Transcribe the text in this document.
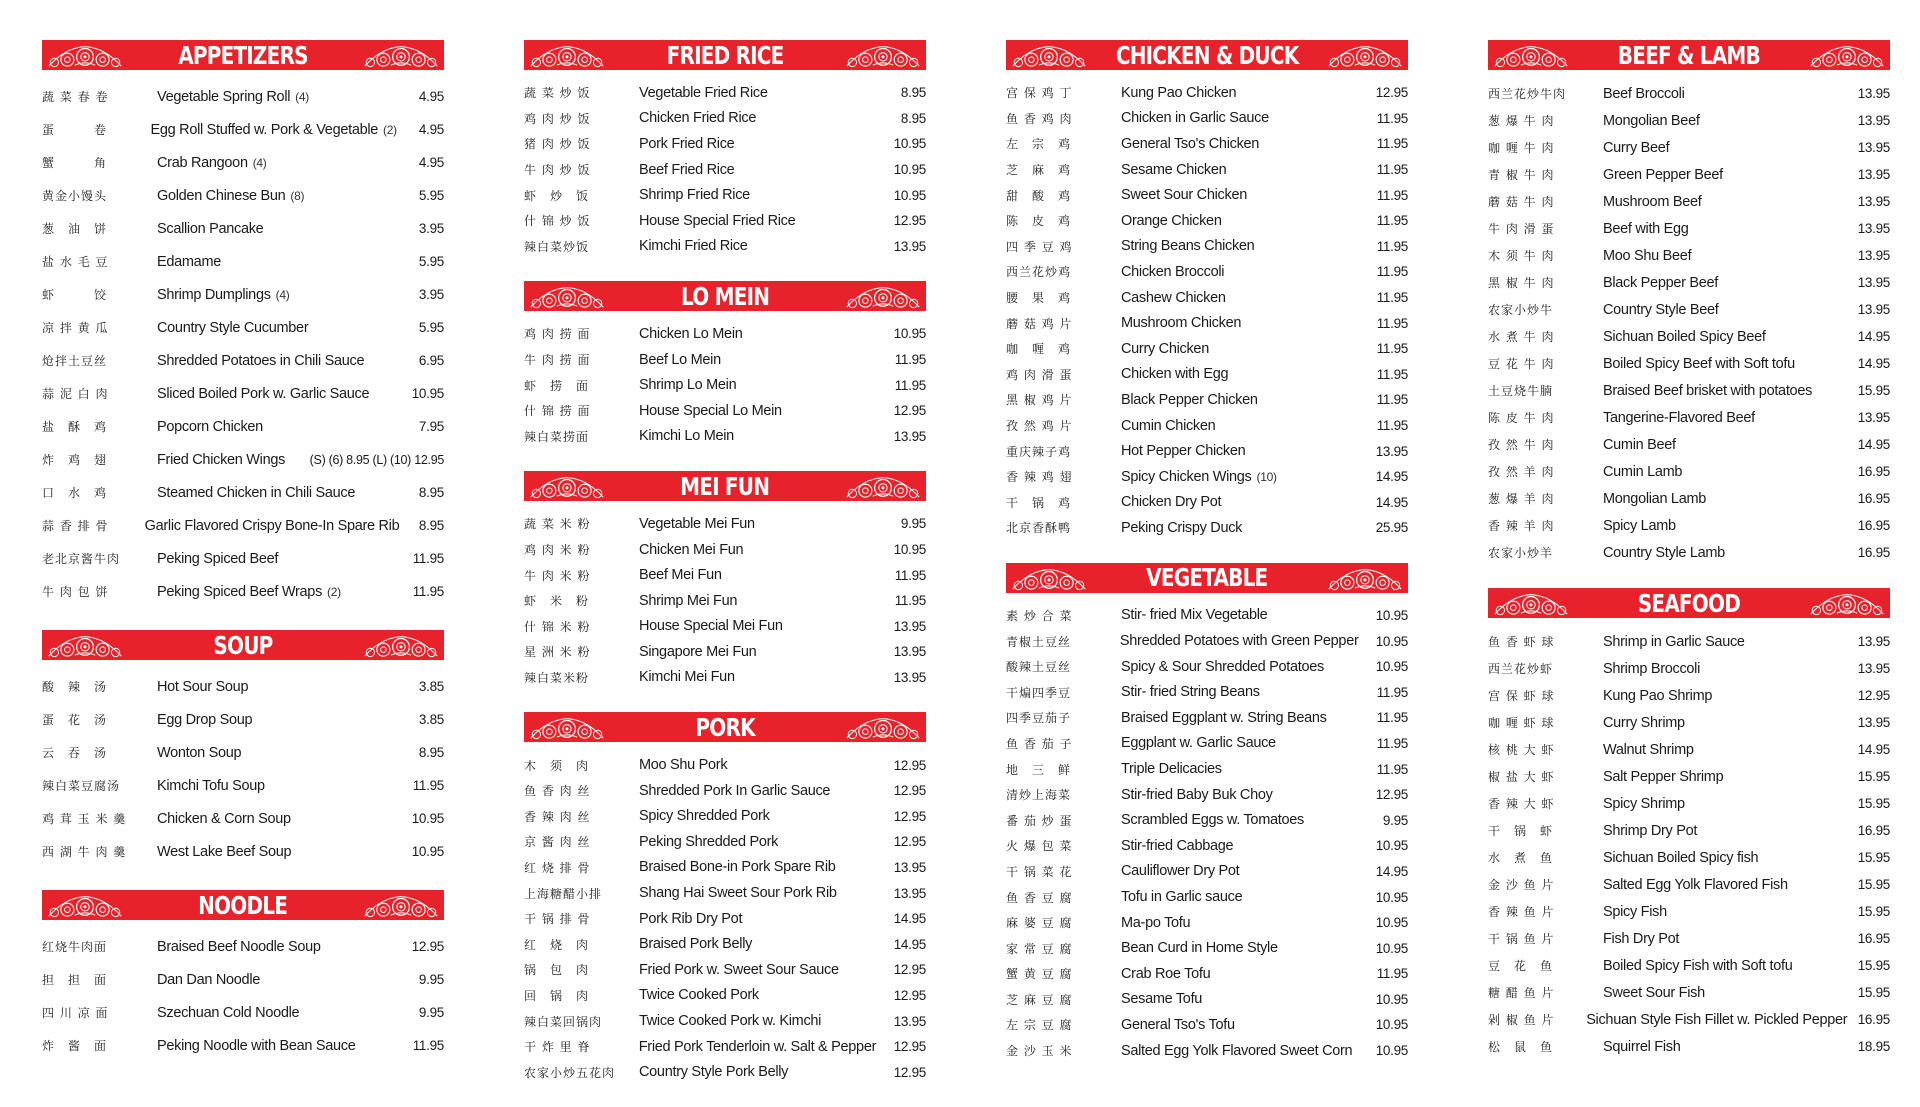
APPETIZERS
蔬 菜 春 卷	Vegetable Spring Roll (4)	4.95
蛋　　　卷	Egg Roll Stuffed w. Pork & Vegetable (2)	4.95
蟹　　　角	Crab Rangoon (4)	4.95
黄金小馒头	Golden Chinese Bun (8)	5.95
葱　油　饼	Scallion Pancake	3.95
盐 水 毛 豆	Edamame	5.95
虾　　　饺	Shrimp Dumplings (4)	3.95
凉 拌 黄 瓜	Country Style Cucumber	5.95
炝拌土豆丝	Shredded Potatoes in Chili Sauce	6.95
蒜 泥 白 肉	Sliced Boiled Pork w. Garlic Sauce	10.95
盐　酥　鸡	Popcorn Chicken	7.95
炸　鸡　翅	Fried Chicken Wings	(S) (6) 8.95 (L) (10) 12.95
口　水　鸡	Steamed Chicken in Chili Sauce	8.95
蒜 香 排 骨	Garlic Flavored Crispy Bone-In Spare Rib	8.95
老北京酱牛肉	Peking Spiced Beef	11.95
牛 肉 包 饼	Peking Spiced Beef Wraps (2)	11.95
SOUP
酸　辣　汤	Hot Sour Soup	3.85
蛋　花　汤	Egg Drop Soup	3.85
云　吞　汤	Wonton Soup	8.95
辣白菜豆腐汤	Kimchi Tofu Soup	11.95
鸡 茸 玉 米 羹	Chicken & Corn Soup	10.95
西 湖 牛 肉 羹	West Lake Beef Soup	10.95
NOODLE
红烧牛肉面	Braised Beef Noodle Soup	12.95
担　担　面	Dan Dan Noodle	9.95
四 川 凉 面	Szechuan Cold Noodle	9.95
炸　酱　面	Peking Noodle with Bean Sauce	11.95
FRIED RICE
蔬 菜 炒 饭	Vegetable Fried Rice	8.95
鸡 肉 炒 饭	Chicken Fried Rice	8.95
猪 肉 炒 饭	Pork Fried Rice	10.95
牛 肉 炒 饭	Beef Fried Rice	10.95
虾　炒　饭	Shrimp Fried Rice	10.95
什 锦 炒 饭	House Special Fried Rice	12.95
辣白菜炒饭	Kimchi Fried Rice	13.95
LO MEIN
鸡 肉 捞 面	Chicken Lo Mein	10.95
牛 肉 捞 面	Beef Lo Mein	11.95
虾　捞　面	Shrimp Lo Mein	11.95
什 锦 捞 面	House Special Lo Mein	12.95
辣白菜捞面	Kimchi Lo Mein	13.95
MEI FUN
蔬 菜 米 粉	Vegetable Mei Fun	9.95
鸡 肉 米 粉	Chicken Mei Fun	10.95
牛 肉 米 粉	Beef Mei Fun	11.95
虾　米　粉	Shrimp Mei Fun	11.95
什 锦 米 粉	House Special Mei Fun	13.95
星 洲 米 粉	Singapore Mei Fun	13.95
辣白菜米粉	Kimchi Mei Fun	13.95
PORK
木　须　肉	Moo Shu Pork	12.95
鱼 香 肉 丝	Shredded Pork In Garlic Sauce	12.95
香 辣 肉 丝	Spicy Shredded Pork	12.95
京 酱 肉 丝	Peking Shredded Pork	12.95
红 烧 排 骨	Braised Bone-in Pork Spare Rib	13.95
上海糖醋小排	Shang Hai Sweet Sour Pork Rib	13.95
干 锅 排 骨	Pork Rib Dry Pot	14.95
红　烧　肉	Braised Pork Belly	14.95
锅　包　肉	Fried Pork w. Sweet Sour Sauce	12.95
回　锅　肉	Twice Cooked Pork	12.95
辣白菜回锅肉	Twice Cooked Pork w. Kimchi	13.95
干 炸 里 脊	Fried Pork Tenderloin w. Salt & Pepper	12.95
农家小炒五花肉	Country Style Pork Belly	12.95
CHICKEN & DUCK
宫 保 鸡 丁	Kung Pao Chicken	12.95
鱼 香 鸡 肉	Chicken in Garlic Sauce	11.95
左　宗　鸡	General Tso's Chicken	11.95
芝　麻　鸡	Sesame Chicken	11.95
甜　酸　鸡	Sweet Sour Chicken	11.95
陈　皮　鸡	Orange Chicken	11.95
四 季 豆 鸡	String Beans Chicken	11.95
西兰花炒鸡	Chicken Broccoli	11.95
腰　果　鸡	Cashew Chicken	11.95
蘑 菇 鸡 片	Mushroom Chicken	11.95
咖　喱　鸡	Curry Chicken	11.95
鸡 肉 滑 蛋	Chicken with Egg	11.95
黑 椒 鸡 片	Black Pepper Chicken	11.95
孜 然 鸡 片	Cumin Chicken	11.95
重庆辣子鸡	Hot Pepper Chicken	13.95
香 辣 鸡 翅	Spicy Chicken Wings (10)	14.95
干　锅　鸡	Chicken Dry Pot	14.95
北京香酥鸭	Peking Crispy Duck	25.95
VEGETABLE
素 炒 合 菜	Stir- fried Mix Vegetable	10.95
青椒土豆丝	Shredded Potatoes with Green Pepper	10.95
酸辣土豆丝	Spicy & Sour Shredded Potatoes	10.95
干煸四季豆	Stir- fried String Beans	11.95
四季豆茄子	Braised Eggplant w. String Beans	11.95
鱼 香 茄 子	Eggplant w. Garlic Sauce	11.95
地　三　鲜	Triple Delicacies	11.95
清炒上海菜	Stir-fried Baby Buk Choy	12.95
番 茄 炒 蛋	Scrambled Eggs w. Tomatoes	9.95
火 爆 包 菜	Stir-fried Cabbage	10.95
干 锅 菜 花	Cauliflower Dry Pot	14.95
鱼 香 豆 腐	Tofu in Garlic sauce	10.95
麻 婆 豆 腐	Ma-po Tofu	10.95
家 常 豆 腐	Bean Curd in Home Style	10.95
蟹 黄 豆 腐	Crab Roe Tofu	11.95
芝 麻 豆 腐	Sesame Tofu	10.95
左 宗 豆 腐	General Tso's Tofu	10.95
金 沙 玉 米	Salted Egg Yolk Flavored Sweet Corn	10.95
BEEF & LAMB
西兰花炒牛肉	Beef Broccoli	13.95
葱 爆 牛 肉	Mongolian Beef	13.95
咖 喱 牛 肉	Curry Beef	13.95
青 椒 牛 肉	Green Pepper Beef	13.95
蘑 菇 牛 肉	Mushroom Beef	13.95
牛 肉 滑 蛋	Beef with Egg	13.95
木 须 牛 肉	Moo Shu Beef	13.95
黑 椒 牛 肉	Black Pepper Beef	13.95
农家小炒牛	Country Style Beef	13.95
水 煮 牛 肉	Sichuan Boiled Spicy Beef	14.95
豆 花 牛 肉	Boiled Spicy Beef with Soft tofu	14.95
土豆烧牛腩	Braised Beef brisket with potatoes	15.95
陈 皮 牛 肉	Tangerine-Flavored Beef	13.95
孜 然 牛 肉	Cumin Beef	14.95
孜 然 羊 肉	Cumin Lamb	16.95
葱 爆 羊 肉	Mongolian Lamb	16.95
香 辣 羊 肉	Spicy Lamb	16.95
农家小炒羊	Country Style Lamb	16.95
SEAFOOD
鱼 香 虾 球	Shrimp in Garlic Sauce	13.95
西兰花炒虾	Shrimp Broccoli	13.95
宫 保 虾 球	Kung Pao Shrimp	12.95
咖 喱 虾 球	Curry Shrimp	13.95
核 桃 大 虾	Walnut Shrimp	14.95
椒 盐 大 虾	Salt Pepper Shrimp	15.95
香 辣 大 虾	Spicy Shrimp	15.95
干　锅　虾	Shrimp Dry Pot	16.95
水　煮　鱼	Sichuan Boiled Spicy fish	15.95
金 沙 鱼 片	Salted Egg Yolk Flavored Fish	15.95
香 辣 鱼 片	Spicy Fish	15.95
干 锅 鱼 片	Fish Dry Pot	16.95
豆　花　鱼	Boiled Spicy Fish with Soft tofu	15.95
糖 醋 鱼 片	Sweet Sour Fish	15.95
剁 椒 鱼 片	Sichuan Style Fish Fillet w. Pickled Pepper 16.95
松　鼠　鱼	Squirrel Fish	18.95
